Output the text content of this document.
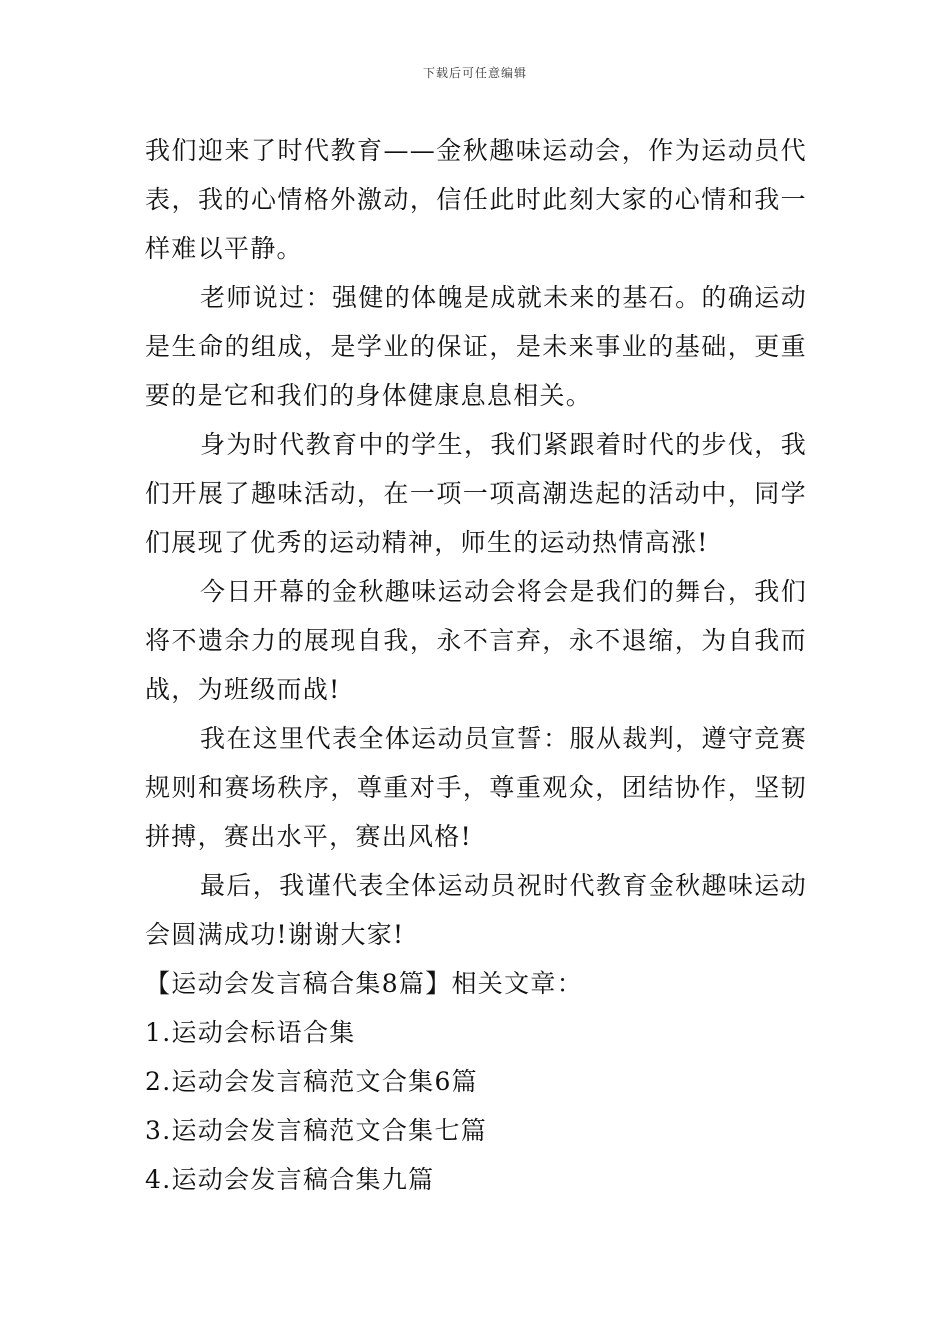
下载后可任意编辑

我们迎来了时代教育——金秋趣味运动会，作为运动员代表，我的心情格外激动，信任此时此刻大家的心情和我一样难以平静。

老师说过：强健的体魄是成就未来的基石。的确运动是生命的组成，是学业的保证，是未来事业的基础，更重要的是它和我们的身体健康息息相关。

身为时代教育中的学生，我们紧跟着时代的步伐，我们开展了趣味活动，在一项一项高潮迭起的活动中，同学们展现了优秀的运动精神，师生的运动热情高涨!

今日开幕的金秋趣味运动会将会是我们的舞台，我们将不遗余力的展现自我，永不言弃，永不退缩，为自我而战，为班级而战!

我在这里代表全体运动员宣誓：服从裁判，遵守竞赛规则和赛场秩序，尊重对手，尊重观众，团结协作，坚韧拼搏，赛出水平，赛出风格!

最后，我谨代表全体运动员祝时代教育金秋趣味运动会圆满成功!谢谢大家!

【运动会发言稿合集8篇】相关文章：

1.运动会标语合集

2.运动会发言稿范文合集6篇

3.运动会发言稿范文合集七篇

4.运动会发言稿合集九篇
